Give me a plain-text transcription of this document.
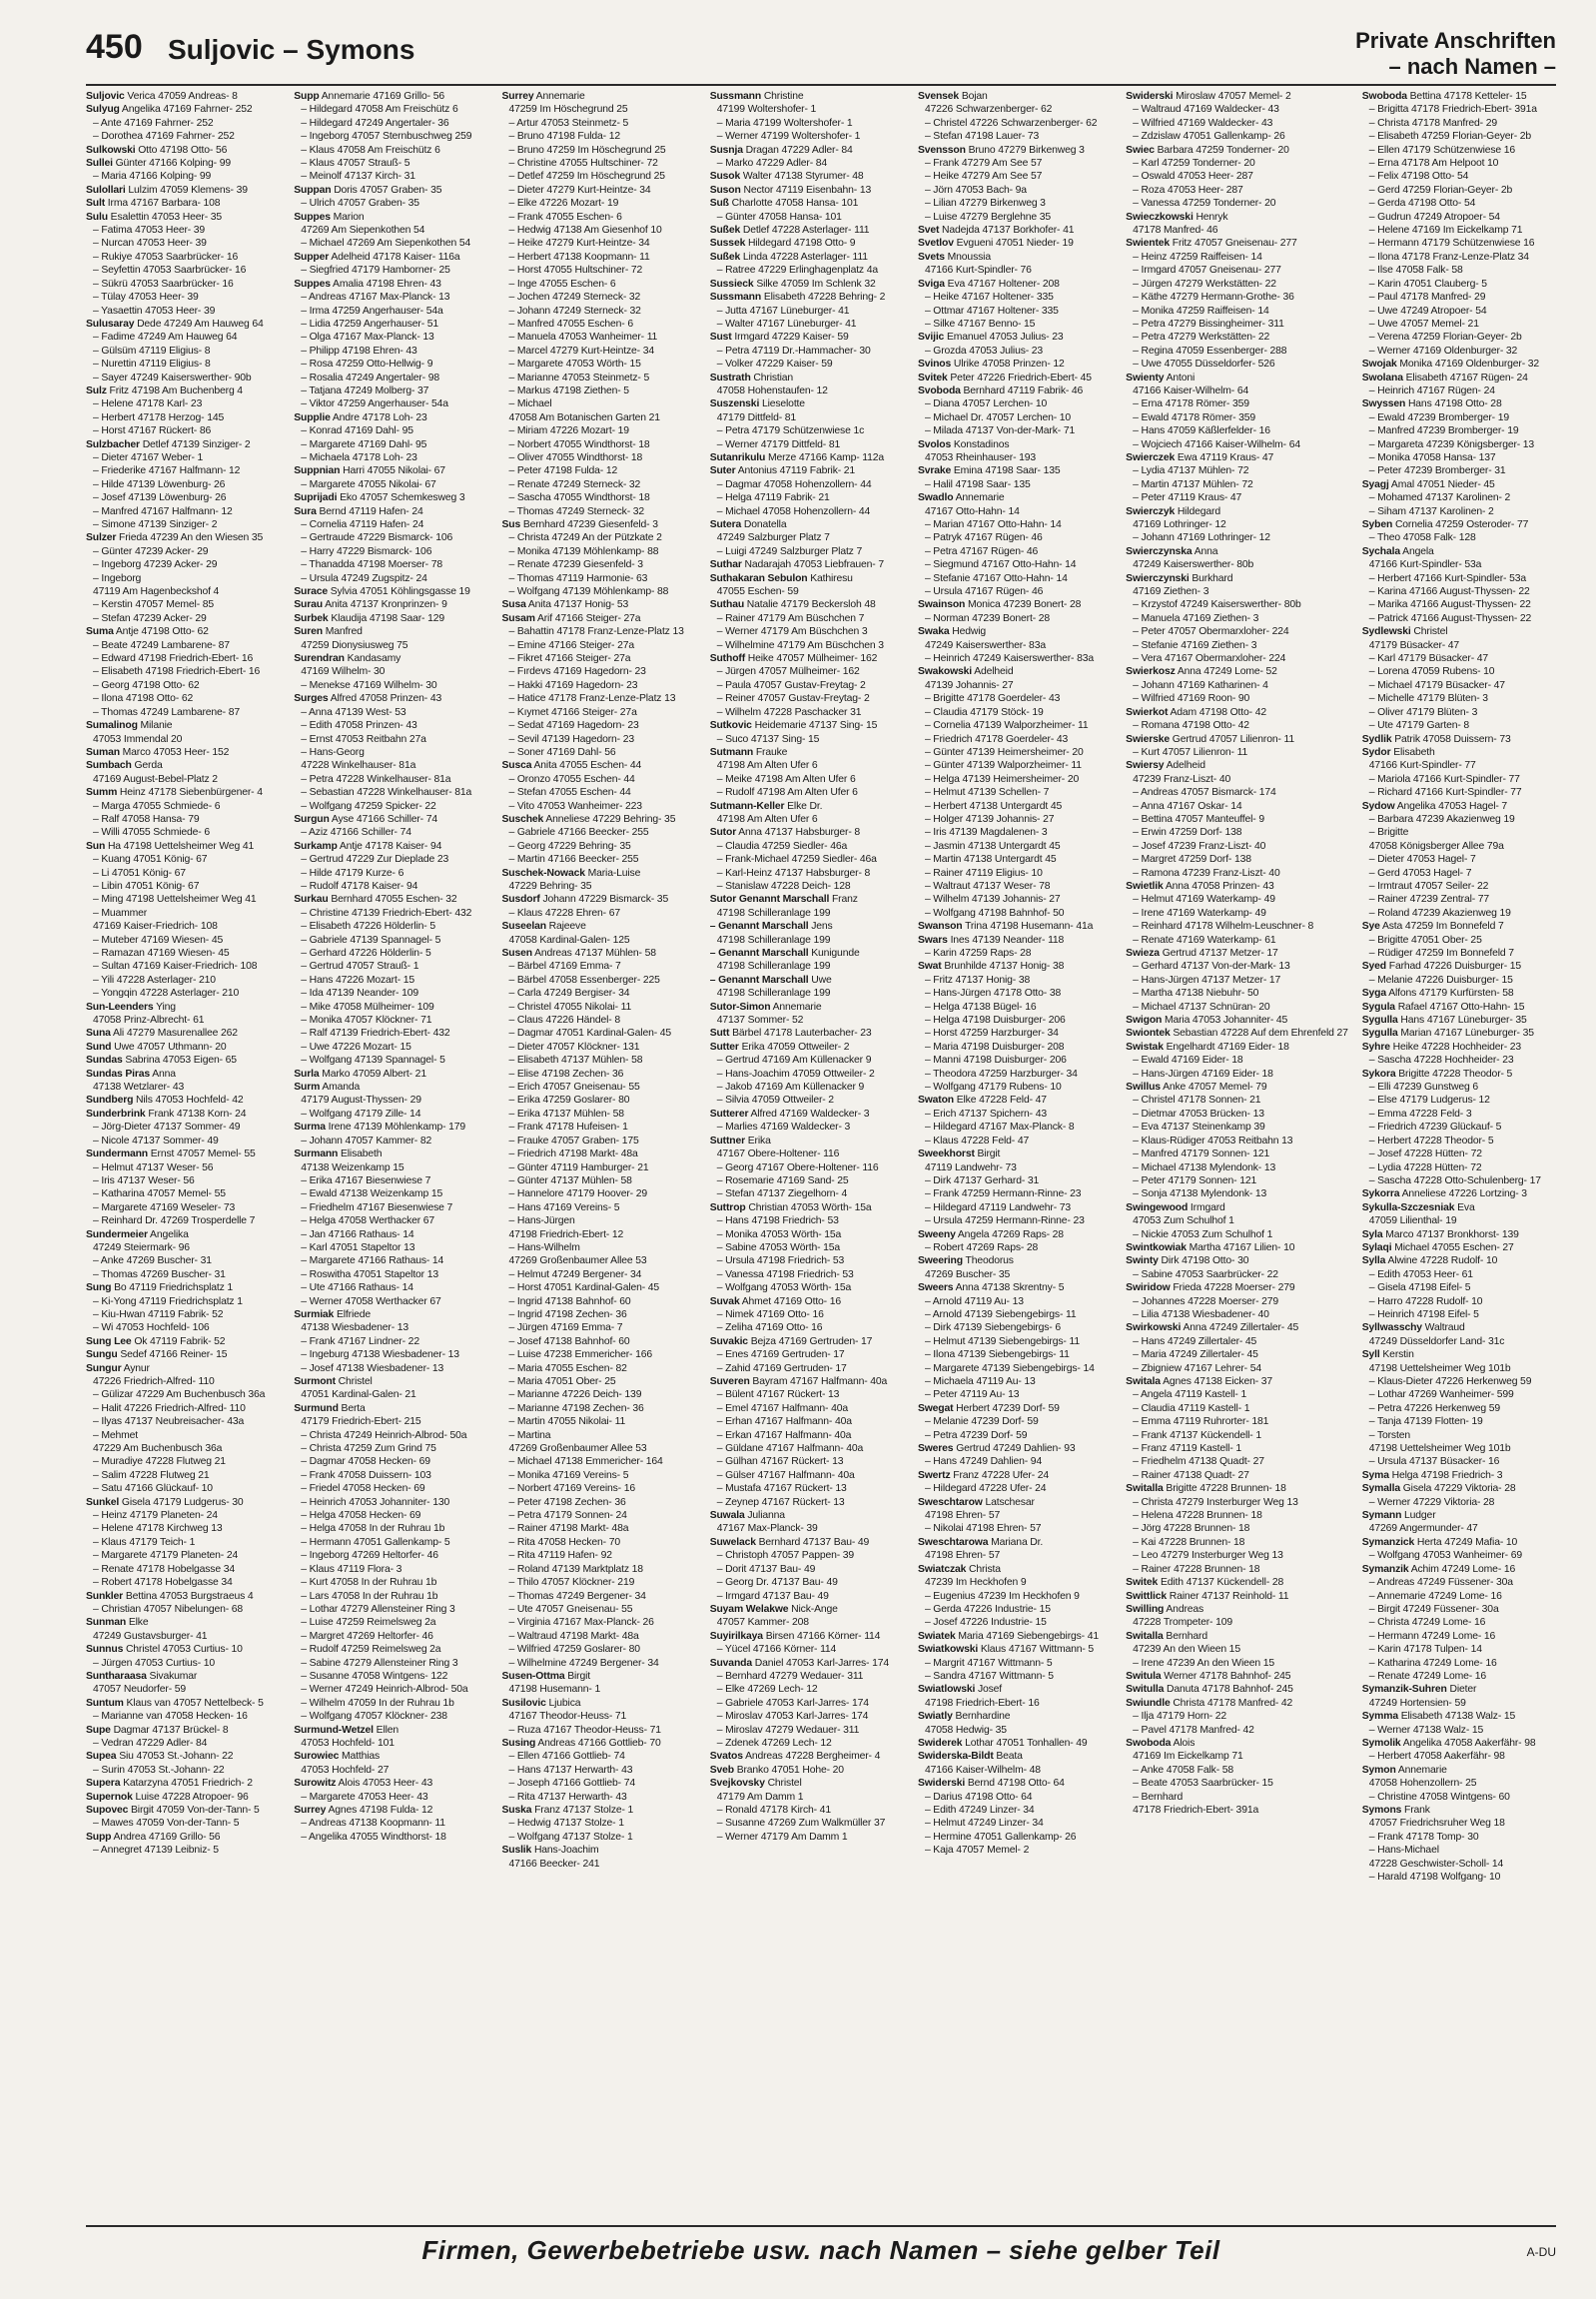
450 Suljovic – Symons	Private Anschriften
– nach Namen –
Suljovic Verica 47059 Andreas- 8
Sulyug Angelika 47169 Fahrner- 252
– Ante 47169 Fahrner- 252
– Dorothea 47169 Fahrner- 252
Sulkowski Otto 47198 Otto- 56
Sullei Günter 47166 Kolping- 99
– Maria 47166 Kolping- 99
Sulollari Lulzim 47059 Klemens- 39
Sult Irma 47167 Barbara- 108
Sulu Esalettin 47053 Heer- 35
– Fatima 47053 Heer- 39
– Nurcan 47053 Heer- 39
– Rukiye 47053 Saarbrücker- 16
– Seyfettin 47053 Saarbrücker- 16
– Sükrü 47053 Saarbrücker- 16
– Tülay 47053 Heer- 39
– Yasaettin 47053 Heer- 39
Sulusaray Dede 47249 Am Hauweg 64
– Fadime 47249 Am Hauweg 64
– Gülsüm 47119 Eligius- 8
– Nurettin 47119 Eligius- 8
– Sayer 47249 Kaiserswerther- 90b
Sulz Fritz 47198 Am Buchenberg 4
– Helene 47178 Karl- 23
– Herbert 47178 Herzog- 145
– Horst 47167 Rückert- 86
Sulzbacher Detlef 47139 Sinziger- 2
– Dieter 47167 Weber- 1
– Friederike 47167 Halfmann- 12
– Hilde 47139 Löwenburg- 26
– Josef 47139 Löwenburg- 26
– Manfred 47167 Halfmann- 12
– Simone 47139 Sinziger- 2
Sulzer Frieda 47239 An den Wiesen 35
– Günter 47239 Acker- 29
– Ingeborg 47239 Acker- 29
– Ingeborg
47119 Am Hagenbeckshof 4
– Kerstin 47057 Memel- 85
– Stefan 47239 Acker- 29
Suma Antje 47198 Otto- 62
– Beate 47249 Lambarene- 87
– Edward 47198 Friedrich-Ebert- 16
– Elisabeth 47198 Friedrich-Ebert- 16
– Georg 47198 Otto- 62
– Ilona 47198 Otto- 62
– Thomas 47249 Lambarene- 87
Sumalinog Milanie
47053 Immendal 20
Suman Marco 47053 Heer- 152
Sumbach Gerda
47169 August-Bebel-Platz 2
Summ Heinz 47178 Siebenbürgener- 4
– Marga 47055 Schmiede- 6
– Ralf 47058 Hansa- 79
– Willi 47055 Schmiede- 6
Sun Ha 47198 Uettelsheimer Weg 41
– Kuang 47051 König- 67
– Li 47051 König- 67
– Libin 47051 König- 67
– Ming 47198 Uettelsheimer Weg 41
– Muammer
47169 Kaiser-Friedrich- 108
– Muteber 47169 Wiesen- 45
– Ramazan 47169 Wiesen- 45
– Sultan 47169 Kaiser-Friedrich- 108
– Yili 47228 Asterlager- 210
– Yongqin 47228 Asterlager- 210
Sun-Leenders Ying
47058 Prinz-Albrecht- 61
Suna Ali 47279 Masurenallee 262
Sund Uwe 47057 Uthmann- 20
Sundas Sabrina 47053 Eigen- 65
Sundas Piras Anna
47138 Wetzlarer- 43
Sundberg Nils 47053 Hochfeld- 42
Sunderbrink Frank 47138 Korn- 24
– Jörg-Dieter 47137 Sommer- 49
– Nicole 47137 Sommer- 49
Sundermann Ernst 47057 Memel- 55
– Helmut 47137 Weser- 56
– Iris 47137 Weser- 56
– Katharina 47057 Memel- 55
– Margarete 47169 Weseler- 73
– Reinhard Dr. 47269 Trosperdelle 7
Sundermeier Angelika
47249 Steiermark- 96
– Anke 47269 Buscher- 31
– Thomas 47269 Buscher- 31
Sung Bo 47119 Friedrichsplatz 1
– Ki-Yong 47119 Friedrichsplatz 1
– Kiu-Hwan 47119 Fabrik- 52
– Wi 47053 Hochfeld- 106
Sung Lee Ok 47119 Fabrik- 52
Sungu Sedef 47166 Reiner- 15
Sungur Aynur
47226 Friedrich-Alfred- 110
– Gülizar 47229 Am Buchenbusch 36a
– Halit 47226 Friedrich-Alfred- 110
– Ilyas 47137 Neubreisacher- 43a
– Mehmet
47229 Am Buchenbusch 36a
– Muradiye 47228 Flutweg 21
– Salim 47228 Flutweg 21
– Satu 47166 Glückauf- 10
Sunkel Gisela 47179 Ludgerus- 30
– Heinz 47179 Planeten- 24
– Helene 47178 Kirchweg 13
– Klaus 47179 Teich- 1
– Margarete 47179 Planeten- 24
– Renate 47178 Hobelgasse 34
– Robert 47178 Hobelgasse 34
Sunkler Bettina 47053 Burgstraeus 4
– Christian 47057 Nibelungen- 68
Sunman Elke
47249 Gustavsburger- 41
Sunnus Christel 47053 Curtius- 10
– Jürgen 47053 Curtius- 10
Suntharaasa Sivakumar
47057 Neudorfer- 59
Suntum Klaus van 47057 Nettelbeck- 5
– Marianne van 47058 Hecken- 16
Supe Dagmar 47137 Brückel- 8
– Vedran 47229 Adler- 84
Supea Siu 47053 St.-Johann- 22
– Surin 47053 St.-Johann- 22
Supera Katarzyna 47051 Friedrich- 2
Supernok Luise 47228 Atropoer- 96
Supovec Birgit 47059 Von-der-Tann- 5
– Mawes 47059 Von-der-Tann- 5
Supp Andrea 47169 Grillo- 56
– Annegret 47139 Leibniz- 5
Supp Annemarie 47169 Grillo- 56
– Hildegard 47058 Am Freischütz 6
– Hildegard 47249 Angertaler- 36
– Ingeborg 47057 Sternbuschweg 259
– Klaus 47058 Am Freischütz 6
– Klaus 47057 Strauß- 5
– Meinolf 47137 Kirch- 31
Suppan Doris 47057 Graben- 35
– Ulrich 47057 Graben- 35
Suppes Marion
47269 Am Siepenkothen 54
– Michael 47269 Am Siepenkothen 54
Supper Adelheid 47178 Kaiser- 116a
– Siegfried 47179 Hamborner- 25
Suppes Amalia 47198 Ehren- 43
– Andreas 47167 Max-Planck- 13
– Irma 47259 Angerhauser- 54a
– Lidia 47259 Angerhauser- 51
– Olga 47167 Max-Planck- 13
– Philipp 47198 Ehren- 43
– Rosa 47259 Otto-Hellwig- 9
– Rosalia 47249 Angertaler- 98
– Tatjana 47249 Molberg- 37
– Viktor 47259 Angerhauser- 54a
Supplie Andre 47178 Loh- 23
– Konrad 47169 Dahl- 95
– Margarete 47169 Dahl- 95
– Michaela 47178 Loh- 23
Suppnian Harri 47055 Nikolai- 67
– Margarete 47055 Nikolai- 67
Suprijadi Eko 47057 Schemkesweg 3
Sura Bernd 47119 Hafen- 24
– Cornelia 47119 Hafen- 24
– Gertraude 47229 Bismarck- 106
– Harry 47229 Bismarck- 106
– Thanadda 47198 Moerser- 78
– Ursula 47249 Zugspitz- 24
Surace Sylvia 47051 Köhlingsgasse 19
Surau Anita 47137 Kronprinzen- 9
Surbek Klaudija 47198 Saar- 129
Suren Manfred
47259 Dionysiusweg 75
Surendran Kandasamy
47169 Wilhelm- 30
– Menekse 47169 Wilhelm- 30
Surges Alfred 47058 Prinzen- 43
– Anna 47139 West- 53
– Edith 47058 Prinzen- 43
– Ernst 47053 Reitbahn 27a
– Hans-Georg
47228 Winkelhauser- 81a
– Petra 47228 Winkelhauser- 81a
– Sebastian 47228 Winkelhauser- 81a
– Wolfgang 47259 Spicker- 22
Surgun Ayse 47166 Schiller- 74
– Aziz 47166 Schiller- 74
Surkamp Antje 47178 Kaiser- 94
– Gertrud 47229 Zur Dieplade 23
– Hilde 47179 Kurze- 6
– Rudolf 47178 Kaiser- 94
Surkau Bernhard 47055 Eschen- 32
– Christine 47139 Friedrich-Ebert- 432
– Elisabeth 47226 Hölderlin- 5
– Gabriele 47139 Spannagel- 5
– Gerhard 47226 Hölderlin- 5
– Gertrud 47057 Strauß- 1
– Hans 47226 Mozart- 15
– Ida 47139 Neander- 109
– Mike 47058 Mülheimer- 109
– Monika 47057 Klöckner- 71
– Ralf 47139 Friedrich-Ebert- 432
– Uwe 47226 Mozart- 15
– Wolfgang 47139 Spannagel- 5
Surla Marko 47059 Albert- 21
Surm Amanda
47179 August-Thyssen- 29
– Wolfgang 47179 Zille- 14
Surma Irene 47139 Möhlenkamp- 179
– Johann 47057 Kammer- 82
Surmann Elisabeth
47138 Weizenkamp 15
– Erika 47167 Biesenwiese 7
– Ewald 47138 Weizenkamp 15
– Friedhelm 47167 Biesenwiese 7
– Helga 47058 Werthacker 67
– Jan 47166 Rathaus- 14
– Karl 47051 Stapeltor 13
– Margarete 47166 Rathaus- 14
– Roswitha 47051 Stapeltor 13
– Ute 47166 Rathaus- 14
– Werner 47058 Werthacker 67
Surmiak Elfriede
47138 Wiesbadener- 13
– Frank 47167 Lindner- 22
– Ingeburg 47138 Wiesbadener- 13
– Josef 47138 Wiesbadener- 13
Surmont Christel
47051 Kardinal-Galen- 21
Surmund Berta
47179 Friedrich-Ebert- 215
– Christa 47249 Heinrich-Albrod- 50a
– Christa 47259 Zum Grind 75
– Dagmar 47058 Hecken- 69
– Frank 47058 Duissern- 103
– Friedel 47058 Hecken- 69
– Heinrich 47053 Johanniter- 130
– Helga 47058 Hecken- 69
– Helga 47058 In der Ruhrau 1b
– Hermann 47051 Gallenkamp- 5
– Ingeborg 47269 Heltorfer- 46
– Klaus 47119 Flora- 3
– Kurt 47058 In der Ruhrau 1b
– Lars 47058 In der Ruhrau 1b
– Lothar 47279 Allensteiner Ring 3
– Luise 47259 Reimelsweg 2a
– Margret 47269 Heltorfer- 46
– Rudolf 47259 Reimelsweg 2a
– Sabine 47279 Allensteiner Ring 3
– Susanne 47058 Wintgens- 122
– Werner 47249 Heinrich-Albrod- 50a
– Wilhelm 47059 In der Ruhrau 1b
– Wolfgang 47057 Klöckner- 238
Surmund-Wetzel Ellen
47053 Hochfeld- 101
Surowiec Matthias
47053 Hochfeld- 27
Surowitz Alois 47053 Heer- 43
– Margarete 47053 Heer- 43
Surrey Agnes 47198 Fulda- 12
– Andreas 47138 Koopmann- 11
– Angelika 47055 Windthorst- 18
Surrey Annemarie
47259 Im Höschegrund 25
– Artur 47053 Steinmetz- 5
– Bruno 47198 Fulda- 12
– Bruno 47259 Im Höschegrund 25
– Christine 47055 Hultschiner- 72
– Detlef 47259 Im Höschegrund 25
– Dieter 47279 Kurt-Heintze- 34
– Elke 47226 Mozart- 19
– Frank 47055 Eschen- 6
– Hedwig 47138 Am Giesenhof 10
– Heike 47279 Kurt-Heintze- 34
– Herbert 47138 Koopmann- 11
– Horst 47055 Hultschiner- 72
– Inge 47055 Eschen- 6
– Jochen 47249 Sterneck- 32
– Johann 47249 Sterneck- 32
– Manfred 47055 Eschen- 6
– Manuela 47053 Wanheimer- 11
– Marcel 47279 Kurt-Heintze- 34
– Margarete 47053 Wörth- 15
– Marianne 47053 Steinmetz- 5
– Markus 47198 Ziethen- 5
– Michael
47058 Am Botanischen Garten 21
– Miriam 47226 Mozart- 19
– Norbert 47055 Windthorst- 18
– Oliver 47055 Windthorst- 18
– Peter 47198 Fulda- 12
– Renate 47249 Sterneck- 32
– Sascha 47055 Windthorst- 18
– Thomas 47249 Sterneck- 32
Sus Bernhard 47239 Giesenfeld- 3
– Christa 47249 An der Pützkate 2
– Monika 47139 Möhlenkamp- 88
– Renate 47239 Giesenfeld- 3
– Thomas 47119 Harmonie- 63
– Wolfgang 47139 Möhlenkamp- 88
Susa Anita 47137 Honig- 53
Susam Arif 47166 Steiger- 27a
– Bahattin 47178 Franz-Lenze-Platz 13
– Emine 47166 Steiger- 27a
– Fikret 47166 Steiger- 27a
– Fırdevs 47169 Hagedorn- 23
– Hakki 47169 Hagedorn- 23
– Hatice 47178 Franz-Lenze-Platz 13
– Kıymet 47166 Steiger- 27a
– Sedat 47169 Hagedorn- 23
– Sevil 47139 Hagedorn- 23
– Soner 47169 Dahl- 56
Susca Anita 47055 Eschen- 44
– Oronzo 47055 Eschen- 44
– Stefan 47055 Eschen- 44
– Vito 47053 Wanheimer- 223
Suschek Anneliese 47229 Behring- 35
– Gabriele 47166 Beecker- 255
– Georg 47229 Behring- 35
– Martin 47166 Beecker- 255
Suschek-Nowack Maria-Luise
47229 Behring- 35
Susdorf Johann 47229 Bismarck- 35
– Klaus 47228 Ehren- 67
Suseelan Rajeeve
47058 Kardinal-Galen- 125
Susen Andreas 47137 Mühlen- 58
– Bärbel 47169 Emma- 7
– Bärbel 47058 Essenberger- 225
– Carla 47249 Bergiser- 34
– Christel 47055 Nikolai- 11
– Claus 47226 Händel- 8
– Dagmar 47051 Kardinal-Galen- 45
– Dieter 47057 Klöckner- 131
– Elisabeth 47137 Mühlen- 58
– Elise 47198 Zechen- 36
– Erich 47057 Gneisenau- 55
– Erika 47259 Goslarer- 80
– Erika 47137 Mühlen- 58
– Frank 47178 Hufeisen- 1
– Frauke 47057 Graben- 175
– Friedrich 47198 Markt- 48a
– Günter 47119 Hamburger- 21
– Günter 47137 Mühlen- 58
– Hannelore 47179 Hoover- 29
– Hans 47169 Vereins- 5
– Hans-Jürgen
47198 Friedrich-Ebert- 12
– Hans-Wilhelm
47269 Großenbaumer Allee 53
– Helmut 47249 Bergener- 34
– Horst 47051 Kardinal-Galen- 45
– Ingrid 47138 Bahnhof- 60
– Ingrid 47198 Zechen- 36
– Jürgen 47169 Emma- 7
– Josef 47138 Bahnhof- 60
– Luise 47238 Emmericher- 166
– Maria 47055 Eschen- 82
– Maria 47051 Ober- 25
– Marianne 47226 Deich- 139
– Marianne 47198 Zechen- 36
– Martin 47055 Nikolai- 11
– Martina
47269 Großenbaumer Allee 53
– Michael 47138 Emmericher- 164
– Monika 47169 Vereins- 5
– Norbert 47169 Vereins- 16
– Peter 47198 Zechen- 36
– Petra 47179 Sonnen- 24
– Rainer 47198 Markt- 48a
– Rita 47058 Hecken- 70
– Rita 47119 Hafen- 92
– Roland 47139 Marktplatz 18
– Thilo 47057 Klöckner- 219
– Thomas 47249 Bergener- 34
– Ute 47057 Gneisenau- 55
– Virginia 47167 Max-Planck- 26
– Waltraud 47198 Markt- 48a
– Wilfried 47259 Goslarer- 80
– Wilhelmine 47249 Bergener- 34
Susen-Ottma Birgit
47198 Husemann- 1
Susilovic Ljubica
47167 Theodor-Heuss- 71
– Ruza 47167 Theodor-Heuss- 71
Susing Andreas 47166 Gottlieb- 70
– Ellen 47166 Gottlieb- 74
– Hans 47137 Herwarth- 43
– Joseph 47166 Gottlieb- 74
– Rita 47137 Herwarth- 43
Suska Franz 47137 Stolze- 1
– Hedwig 47137 Stolze- 1
– Wolfgang 47137 Stolze- 1
Suslik Hans-Joachim
47166 Beecker- 241
Sussmann Christine
47199 Woltershofer- 1
– Maria 47199 Woltershofer- 1
– Werner 47199 Woltershofer- 1
Susnja Dragan 47229 Adler- 84
– Marko 47229 Adler- 84
Susok Walter 47138 Styrumer- 48
Suson Nector 47119 Eisenbahn- 13
Suß Charlotte 47058 Hansa- 101
– Günter 47058 Hansa- 101
Sußek Detlef 47228 Asterlager- 111
Sussek Hildegard 47198 Otto- 9
Sußek Linda 47228 Asterlager- 111
– Ratree 47229 Erlinghagenplatz 4a
Sussieck Silke 47059 Im Schlenk 32
Sussmann Elisabeth 47228 Behring- 2
– Jutta 47167 Lüneburger- 41
– Walter 47167 Lüneburger- 41
Sust Irmgard 47229 Kaiser- 59
– Petra 47119 Dr.-Hammacher- 30
– Volker 47229 Kaiser- 59
Sustrath Christian
47058 Hohenstaufen- 12
Suszenski Lieselotte
47179 Dittfeld- 81
– Petra 47179 Schützenwiese 1c
– Werner 47179 Dittfeld- 81
Sutanrikulu Merze 47166 Kamp- 112a
Suter Antonius 47119 Fabrik- 21
– Dagmar 47058 Hohenzollern- 44
– Helga 47119 Fabrik- 21
– Michael 47058 Hohenzollern- 44
Sutera Donatella
47249 Salzburger Platz 7
– Luigi 47249 Salzburger Platz 7
Suthar Nadarajah 47053 Liebfrauen- 7
Suthakaran Sebulon Kathiresu
47055 Eschen- 59
Suthau Natalie 47179 Beckersloh 48
– Rainer 47179 Am Büschchen 7
– Werner 47179 Am Büschchen 3
– Wilhelmine 47179 Am Büschchen 3
Suthoff Heike 47057 Mülheimer- 162
– Jürgen 47057 Mülheimer- 162
– Paula 47057 Gustav-Freytag- 2
– Reiner 47057 Gustav-Freytag- 2
– Wilhelm 47228 Paschacker 31
Sutkovic Heidemarie 47137 Sing- 15
– Suco 47137 Sing- 15
Sutmann Frauke
47198 Am Alten Ufer 6
– Meike 47198 Am Alten Ufer 6
– Rudolf 47198 Am Alten Ufer 6
Sutmann-Keller Elke Dr.
47198 Am Alten Ufer 6
Sutor Anna 47137 Habsburger- 8
– Claudia 47259 Siedler- 46a
– Frank-Michael 47259 Siedler- 46a
– Karl-Heinz 47137 Habsburger- 8
– Stanislaw 47228 Deich- 128
Sutor Genannt Marschall Franz
47198 Schilleranlage 199
– Genannt Marschall Jens
47198 Schilleranlage 199
– Genannt Marschall Kunigunde
47198 Schilleranlage 199
– Genannt Marschall Uwe
47198 Schilleranlage 199
Sutor-Simon Annemarie
47137 Sommer- 52
Sutt Bärbel 47178 Lauterbacher- 23
Sutter Erika 47059 Ottweiler- 2
– Gertrud 47169 Am Küllenacker 9
– Hans-Joachim 47059 Ottweiler- 2
– Jakob 47169 Am Küllenacker 9
– Silvia 47059 Ottweiler- 2
Sutterer Alfred 47169 Waldecker- 3
– Marlies 47169 Waldecker- 3
Suttner Erika
47167 Obere-Holtener- 116
– Georg 47167 Obere-Holtener- 116
– Rosemarie 47169 Sand- 25
– Stefan 47137 Ziegelhorn- 4
Suttrop Christian 47053 Wörth- 15a
– Hans 47198 Friedrich- 53
– Monika 47053 Wörth- 15a
– Sabine 47053 Wörth- 15a
– Ursula 47198 Friedrich- 53
– Vanessa 47198 Friedrich- 53
– Wolfgang 47053 Wörth- 15a
Suvak Ahmet 47169 Otto- 16
– Nimek 47169 Otto- 16
– Zeliha 47169 Otto- 16
Suvakic Bejza 47169 Gertruden- 17
– Enes 47169 Gertruden- 17
– Zahid 47169 Gertruden- 17
Suveren Bayram 47167 Halfmann- 40a
– Bülent 47167 Rückert- 13
– Emel 47167 Halfmann- 40a
– Erhan 47167 Halfmann- 40a
– Erkan 47167 Halfmann- 40a
– Güldane 47167 Halfmann- 40a
– Gülhan 47167 Rückert- 13
– Gülser 47167 Halfmann- 40a
– Mustafa 47167 Rückert- 13
– Zeynep 47167 Rückert- 13
Suwala Julianna
47167 Max-Planck- 39
Suwelack Bernhard 47137 Bau- 49
– Christoph 47057 Pappen- 39
– Dorit 47137 Bau- 49
– Georg Dr. 47137 Bau- 49
– Irmgard 47137 Bau- 49
Suyam Welakwe Nick-Ange
47057 Kammer- 208
Suyirilkaya Birsen 47166 Körner- 114
– Yücel 47166 Körner- 114
Suvanda Daniel 47053 Karl-Jarres- 174
– Bernhard 47279 Wedauer- 311
– Elke 47269 Lech- 12
– Gabriele 47053 Karl-Jarres- 174
– Miroslav 47053 Karl-Jarres- 174
– Miroslav 47279 Wedauer- 311
– Zdenek 47269 Lech- 12
Svatos Andreas 47228 Bergheimer- 4
Sveb Branko 47051 Hohe- 20
Svejkovsky Christel
47179 Am Damm 1
– Ronald 47178 Kirch- 41
– Susanne 47269 Zum Walkmüller 37
– Werner 47179 Am Damm 1
Svensek Bojan
47226 Schwarzenberger- 62
– Christel 47226 Schwarzenberger- 62
– Stefan 47198 Lauer- 73
Svensson Bruno 47279 Birkenweg 3
– Frank 47279 Am See 57
– Heike 47279 Am See 57
– Jörn 47053 Bach- 9a
– Lilian 47279 Birkenweg 3
– Luise 47279 Berglehne 35
Svet Nadejda 47137 Borkhofer- 41
Svetlov Evgueni 47051 Nieder- 19
Svets Mnoussia
47166 Kurt-Spindler- 76
Sviga Eva 47167 Holtener- 208
– Heike 47167 Holtener- 335
– Ottmar 47167 Holtener- 335
– Silke 47167 Benno- 15
Svijic Emanuel 47053 Julius- 23
– Grozda 47053 Julius- 23
Svinos Ulrike 47058 Prinzen- 12
Svitek Peter 47226 Friedrich-Ebert- 45
Svoboda Bernhard 47119 Fabrik- 46
– Diana 47057 Lerchen- 10
– Michael Dr. 47057 Lerchen- 10
– Milada 47137 Von-der-Mark- 71
Svolos Konstadinos
47053 Rheinhauser- 193
Svrake Emina 47198 Saar- 135
– Halil 47198 Saar- 135
Swadlo Annemarie
47167 Otto-Hahn- 14
– Marian 47167 Otto-Hahn- 14
– Patryk 47167 Rügen- 46
– Petra 47167 Rügen- 46
– Siegmund 47167 Otto-Hahn- 14
– Stefanie 47167 Otto-Hahn- 14
– Ursula 47167 Rügen- 46
Swainson Monica 47239 Bonert- 28
– Norman 47239 Bonert- 28
Swaka Hedwig
47249 Kaiserswerther- 83a
– Heinrich 47249 Kaiserswerther- 83a
Swakowski Adelheid
47139 Johannis- 27
– Brigitte 47178 Goerdeler- 43
– Claudia 47179 Stöck- 19
– Cornelia 47139 Walporzheimer- 11
– Friedrich 47178 Goerdeler- 43
– Günter 47139 Heimersheimer- 20
– Günter 47139 Walporzheimer- 11
– Helga 47139 Heimersheimer- 20
– Helmut 47139 Schellen- 7
– Herbert 47138 Untergardt 45
– Holger 47139 Johannis- 27
– Iris 47139 Magdalenen- 3
– Jasmin 47138 Untergardt 45
– Martin 47138 Untergardt 45
– Rainer 47119 Eligius- 10
– Waltraut 47137 Weser- 78
– Wilhelm 47139 Johannis- 27
– Wolfgang 47198 Bahnhof- 50
Swanson Trina 47198 Husemann- 41a
Swars Ines 47139 Neander- 118
– Karin 47259 Raps- 28
Swat Brunhilde 47137 Honig- 38
– Fritz 47137 Honig- 38
– Hans-Jürgen 47178 Otto- 38
– Helga 47138 Bügel- 16
– Helga 47198 Duisburger- 206
– Horst 47259 Harzburger- 34
– Maria 47198 Duisburger- 208
– Manni 47198 Duisburger- 206
– Theodora 47259 Harzburger- 34
– Wolfgang 47179 Rubens- 10
Swaton Elke 47228 Feld- 47
– Erich 47137 Spichern- 43
– Hildegard 47167 Max-Planck- 8
– Klaus 47228 Feld- 47
Sweekhorst Birgit
47119 Landwehr- 73
– Dirk 47137 Gerhard- 31
– Frank 47259 Hermann-Rinne- 23
– Hildegard 47119 Landwehr- 73
– Ursula 47259 Hermann-Rinne- 23
Sweeny Angela 47269 Raps- 28
– Robert 47269 Raps- 28
Sweering Theodorus
47269 Buscher- 35
Sweers Anna 47138 Skrentny- 5
– Arnold 47119 Au- 13
– Arnold 47139 Siebengebirgs- 11
– Dirk 47139 Siebengebirgs- 6
– Helmut 47139 Siebengebirgs- 11
– Ilona 47139 Siebengebirgs- 11
– Margarete 47139 Siebengebirgs- 14
– Michaela 47119 Au- 13
– Peter 47119 Au- 13
Swegat Herbert 47239 Dorf- 59
– Melanie 47239 Dorf- 59
– Petra 47239 Dorf- 59
Sweres Gertrud 47249 Dahlien- 93
– Hans 47249 Dahlien- 94
Swertz Franz 47228 Ufer- 24
– Hildegard 47228 Ufer- 24
Sweschtarow Latschesar
47198 Ehren- 57
– Nikolai 47198 Ehren- 57
Sweschtarowa Mariana Dr.
47198 Ehren- 57
Swiatczak Christa
47239 Im Heckhofen 9
– Eugenius 47239 Im Heckhofen 9
– Gerda 47226 Industrie- 15
– Josef 47226 Industrie- 15
Swiatek Maria 47169 Siebengebirgs- 41
Swiatkowski Klaus 47167 Wittmann- 5
– Margrit 47167 Wittmann- 5
– Sandra 47167 Wittmann- 5
Swiatlowski Josef
47198 Friedrich-Ebert- 16
Swiatly Bernhardine
47058 Hedwig- 35
Swiderek Lothar 47051 Tonhallen- 49
Swiderska-Bildt Beata
47166 Kaiser-Wilhelm- 48
Swiderski Bernd 47198 Otto- 64
– Darius 47198 Otto- 64
– Edith 47249 Linzer- 34
– Helmut 47249 Linzer- 34
– Hermine 47051 Gallenkamp- 26
– Kaja 47057 Memel- 2
Swiderski Miroslaw 47057 Memel- 2
– Waltraud 47169 Waldecker- 43
– Wilfried 47169 Waldecker- 43
– Zdzislaw 47051 Gallenkamp- 26
Swiec Barbara 47259 Tonderner- 20
– Karl 47259 Tonderner- 20
– Oswald 47053 Heer- 287
– Roza 47053 Heer- 287
– Vanessa 47259 Tonderner- 20
Swieczkowski Henryk
47178 Manfred- 46
Swientek Fritz 47057 Gneisenau- 277
– Heinz 47259 Raiffeisen- 14
– Irmgard 47057 Gneisenau- 277
– Jürgen 47279 Werkstätten- 22
– Käthe 47279 Hermann-Grothe- 36
– Monika 47259 Raiffeisen- 14
– Petra 47279 Bissingheimer- 311
– Petra 47279 Werkstätten- 22
– Regina 47059 Essenberger- 288
– Uwe 47055 Düsseldorfer- 526
Swienty Antoni
47166 Kaiser-Wilhelm- 64
– Erna 47178 Römer- 359
– Ewald 47178 Römer- 359
– Hans 47059 Käßlerfelder- 16
– Wojciech 47166 Kaiser-Wilhelm- 64
Swierczek Ewa 47119 Kraus- 47
– Lydia 47137 Mühlen- 72
– Martin 47137 Mühlen- 72
– Peter 47119 Kraus- 47
Swierczyk Hildegard
47169 Lothringer- 12
– Johann 47169 Lothringer- 12
Swierczynska Anna
47249 Kaiserswerther- 80b
Swierczynski Burkhard
47169 Ziethen- 3
– Krzystof 47249 Kaiserswerther- 80b
– Manuela 47169 Ziethen- 3
– Peter 47057 Obermarxloher- 224
– Stefanie 47169 Ziethen- 3
– Vera 47167 Obermarxloher- 224
Swierkosz Anna 47249 Lome- 52
– Johann 47169 Katharinen- 4
– Wilfried 47169 Roon- 90
Swierkot Adam 47198 Otto- 42
– Romana 47198 Otto- 42
Swierske Gertrud 47057 Lilienron- 11
– Kurt 47057 Lilienron- 11
Swiersy Adelheid
47239 Franz-Liszt- 40
– Andreas 47057 Bismarck- 174
– Anna 47167 Oskar- 14
– Bettina 47057 Manteuffel- 9
– Erwin 47259 Dorf- 138
– Josef 47239 Franz-Liszt- 40
– Margret 47259 Dorf- 138
– Ramona 47239 Franz-Liszt- 40
Swietlik Anna 47058 Prinzen- 43
– Helmut 47169 Waterkamp- 49
– Irene 47169 Waterkamp- 49
– Reinhard 47178 Wilhelm-Leuschner- 8
– Renate 47169 Waterkamp- 61
Swieza Gertrud 47137 Metzer- 17
– Gerhard 47137 Von-der-Mark- 13
– Hans-Jürgen 47137 Metzer- 17
– Martha 47138 Niebuhr- 50
– Michael 47137 Schnüran- 20
Swigon Maria 47053 Johanniter- 45
Swiontek Sebastian 47228 Auf dem Ehrenfeld 27
Swistak Engelhardt 47169 Eider- 18
– Ewald 47169 Eider- 18
– Hans-Jürgen 47169 Eider- 18
Swillus Anke 47057 Memel- 79
– Christel 47178 Sonnen- 21
– Dietmar 47053 Brücken- 13
– Eva 47137 Steinenkamp 39
– Klaus-Rüdiger 47053 Reitbahn 13
– Manfred 47179 Sonnen- 121
– Michael 47138 Mylendonk- 13
– Peter 47179 Sonnen- 121
– Sonja 47138 Mylendonk- 13
Swingewood Irmgard
47053 Zum Schulhof 1
– Nickie 47053 Zum Schulhof 1
Swintkowiak Martha 47167 Lilien- 10
Swinty Dirk 47198 Otto- 30
– Sabine 47053 Saarbrücker- 22
Swiridow Frieda 47228 Moerser- 279
– Johannes 47228 Moerser- 279
– Lilia 47138 Wiesbadener- 40
Swirkowski Anna 47249 Zillertaler- 45
– Hans 47249 Zillertaler- 45
– Maria 47249 Zillertaler- 45
– Zbigniew 47167 Lehrer- 54
Switala Agnes 47138 Eicken- 37
– Angela 47119 Kastell- 1
– Claudia 47119 Kastell- 1
– Emma 47119 Ruhrorter- 181
– Frank 47137 Kückendell- 1
– Franz 47119 Kastell- 1
– Friedhelm 47138 Quadt- 27
– Rainer 47138 Quadt- 27
Switalla Brigitte 47228 Brunnen- 18
– Christa 47279 Insterburger Weg 13
– Helena 47228 Brunnen- 18
– Jörg 47228 Brunnen- 18
– Kai 47228 Brunnen- 18
– Leo 47279 Insterburger Weg 13
– Rainer 47228 Brunnen- 18
Switek Edith 47137 Kückendell- 28
Swittlick Rainer 47137 Reinhold- 11
Swilling Andreas
47228 Trompeter- 109
Switalla Bernhard
47239 An den Wieen 15
– Irene 47239 An den Wieen 15
Switula Werner 47178 Bahnhof- 245
Switulla Danuta 47178 Bahnhof- 245
Swiundle Christa 47178 Manfred- 42
– Ilja 47179 Horn- 22
– Pavel 47178 Manfred- 42
Swoboda Alois
47169 Im Eickelkamp 71
– Anke 47058 Falk- 58
– Beate 47053 Saarbrücker- 15
– Bernhard
47178 Friedrich-Ebert- 391a
Swoboda Bettina 47178 Ketteler- 15
– Brigitta 47178 Friedrich-Ebert- 391a
– Christa 47178 Manfred- 29
– Elisabeth 47259 Florian-Geyer- 2b
– Ellen 47179 Schützenwiese 16
– Erna 47178 Am Helpoot 10
– Felix 47198 Otto- 54
– Gerd 47259 Florian-Geyer- 2b
– Gerda 47198 Otto- 54
– Gudrun 47249 Atropoer- 54
– Helene 47169 Im Eickelkamp 71
– Hermann 47179 Schützenwiese 16
– Ilona 47178 Franz-Lenze-Platz 34
– Ilse 47058 Falk- 58
– Karin 47051 Clauberg- 5
– Paul 47178 Manfred- 29
– Uwe 47249 Atropoer- 54
– Uwe 47057 Memel- 21
– Verena 47259 Florian-Geyer- 2b
– Werner 47169 Oldenburger- 32
Swojak Monika 47169 Oldenburger- 32
Swolana Elisabeth 47167 Rügen- 24
– Heinrich 47167 Rügen- 24
Swyssen Hans 47198 Otto- 28
– Ewald 47239 Bromberger- 19
– Manfred 47239 Bromberger- 19
– Margareta 47239 Königsberger- 13
– Monika 47058 Hansa- 137
– Peter 47239 Bromberger- 31
Syagj Amal 47051 Nieder- 45
– Mohamed 47137 Karolinen- 2
– Siham 47137 Karolinen- 2
Syben Cornelia 47259 Osteroder- 77
– Theo 47058 Falk- 128
Sychala Angela
47166 Kurt-Spindler- 53a
– Herbert 47166 Kurt-Spindler- 53a
– Karina 47166 August-Thyssen- 22
– Marika 47166 August-Thyssen- 22
– Patrick 47166 August-Thyssen- 22
Sydlewski Christel
47179 Büsacker- 47
– Karl 47179 Büsacker- 47
– Lorena 47059 Rubens- 10
– Michael 47179 Büsacker- 47
– Michelle 47179 Blüten- 3
– Oliver 47179 Blüten- 3
– Ute 47179 Garten- 8
Sydlik Patrik 47058 Duissern- 73
Sydor Elisabeth
47166 Kurt-Spindler- 77
– Mariola 47166 Kurt-Spindler- 77
– Richard 47166 Kurt-Spindler- 77
Sydow Angelika 47053 Hagel- 7
– Barbara 47239 Akazienweg 19
– Brigitte
47058 Königsberger Allee 79a
– Dieter 47053 Hagel- 7
– Gerd 47053 Hagel- 7
– Irmtraut 47057 Seiler- 22
– Rainer 47239 Zentral- 77
– Roland 47239 Akazienweg 19
Sye Asta 47259 Im Bonnefeld 7
– Brigitte 47051 Ober- 25
– Rüdiger 47259 Im Bonnefeld 7
Syed Farhad 47226 Duisburger- 15
– Melanie 47226 Duisburger- 15
Syga Alfons 47179 Kurfürsten- 58
Sygula Rafael 47167 Otto-Hahn- 15
Sygulla Hans 47167 Lüneburger- 35
Sygulla Marian 47167 Lüneburger- 35
Syhre Heike 47228 Hochheider- 23
– Sascha 47228 Hochheider- 23
Sykora Brigitte 47228 Theodor- 5
– Elli 47239 Gunstweg 6
– Else 47179 Ludgerus- 12
– Emma 47228 Feld- 3
– Friedrich 47239 Glückauf- 5
– Herbert 47228 Theodor- 5
– Josef 47228 Hütten- 72
– Lydia 47228 Hütten- 72
– Sascha 47228 Otto-Schulenberg- 17
Sykorra Anneliese 47226 Lortzing- 3
Sykulla-Szczesniak Eva
47059 Lilienthal- 19
Syla Marco 47137 Bronkhorst- 139
Sylaqi Michael 47055 Eschen- 27
Sylla Alwine 47228 Rudolf- 10
– Edith 47053 Heer- 61
– Gisela 47198 Eifel- 5
– Harro 47228 Rudolf- 10
– Heinrich 47198 Eifel- 5
Syllwasschy Waltraud
47249 Düsseldorfer Land- 31c
Syll Kerstin
47198 Uettelsheimer Weg 101b
– Klaus-Dieter 47226 Herkenweg 59
– Lothar 47269 Wanheimer- 599
– Petra 47226 Herkenweg 59
– Tanja 47139 Flotten- 19
– Torsten
47198 Uettelsheimer Weg 101b
– Ursula 47137 Büsacker- 16
Syma Helga 47198 Friedrich- 3
Symalla Gisela 47229 Viktoria- 28
– Werner 47229 Viktoria- 28
Symann Ludger
47269 Angermunder- 47
Symanzick Herta 47249 Mafia- 10
– Wolfgang 47053 Wanheimer- 69
Symanzik Achim 47249 Lome- 16
– Andreas 47249 Füssener- 30a
– Annemarie 47249 Lome- 16
– Birgit 47249 Füssener- 30a
– Christa 47249 Lome- 16
– Hermann 47249 Lome- 16
– Karin 47178 Tulpen- 14
– Katharina 47249 Lome- 16
– Renate 47249 Lome- 16
Symanzik-Suhren Dieter
47249 Hortensien- 59
Symma Elisabeth 47138 Walz- 15
– Werner 47138 Walz- 15
Symolik Angelika 47058 Aakerfähr- 98
– Herbert 47058 Aakerfähr- 98
Symon Annemarie
47058 Hohenzollern- 25
– Christine 47058 Wintgens- 60
Symons Frank
47057 Friedrichsruher Weg 18
– Frank 47178 Tomp- 30
– Hans-Michael
47228 Geschwister-Scholl- 14
– Harald 47198 Wolfgang- 10
Firmen, Gewerbebetriebe usw. nach Namen – siehe gelber Teil	A-DU
